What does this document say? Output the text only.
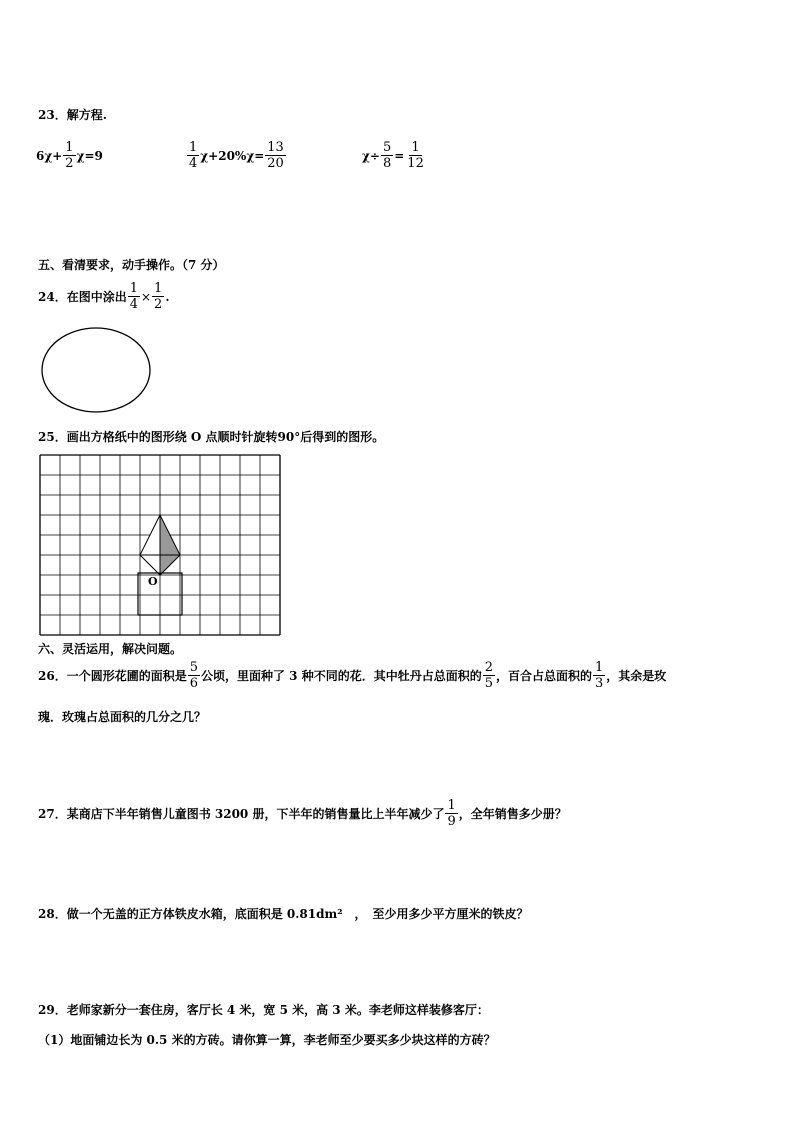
23．解方程.
$6\chi+ \frac{1}{2} \chi=9$	$\frac{1}{4} \chi+20\%\chi= \frac{13}{20}$	$\chi\div \frac{5}{8} = \frac{1}{12}$
五、看清要求，动手操作。（7 分）
24．在图中涂出 $\frac{1}{4} \times \frac{1}{2}$ .
25．画出方格纸中的图形绕 O 点顺时针旋转90°后得到的图形。
O
六、灵活运用，解决问题。
26．一个圆形花圃的面积是 $\frac{5}{6}$ 公顷，里面种了 3 种不同的花．其中牡丹占总面积的 $\frac{2}{5}$ ，百合占总面积的 $\frac{1}{3}$ ，其余是玫
瑰．玫瑰占总面积的几分之几？
27．某商店下半年销售儿童图书 3200 册，下半年的销售量比上半年减少了 $\frac{1}{9}$ ，全年销售多少册？
28．做一个无盖的正方体铁皮水箱，底面积是 0.81dm²　，　至少用多少平方厘米的铁皮？
29．老师家新分一套住房，客厅长 4 米，宽 5 米，高 3 米。李老师这样装修客厅：
（1）地面铺边长为 0.5 米的方砖。请你算一算，李老师至少要买多少块这样的方砖？
